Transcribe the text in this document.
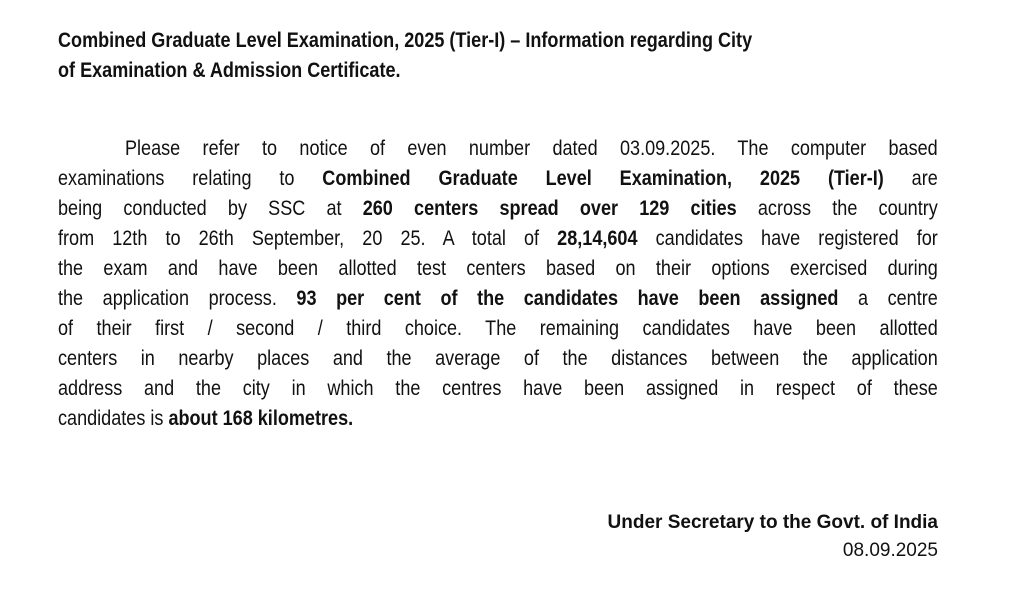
Combined Graduate Level Examination, 2025 (Tier-I) – Information regarding City
of Examination & Admission Certificate.
Please refer to notice of even number dated 03.09.2025. The computer based
examinations relating to Combined Graduate Level Examination, 2025 (Tier-I) are
being conducted by SSC at 260 centers spread over 129 cities across the country
from 12th to 26th September, 20 25. A total of 28,14,604 candidates have registered for
the exam and have been allotted test centers based on their options exercised during
the application process. 93 per cent of the candidates have been assigned a centre
of their first / second / third choice. The remaining candidates have been allotted
centers in nearby places and the average of the distances between the application
address and the city in which the centres have been assigned in respect of these
candidates is about 168 kilometres.
Under Secretary to the Govt. of India
08.09.2025
